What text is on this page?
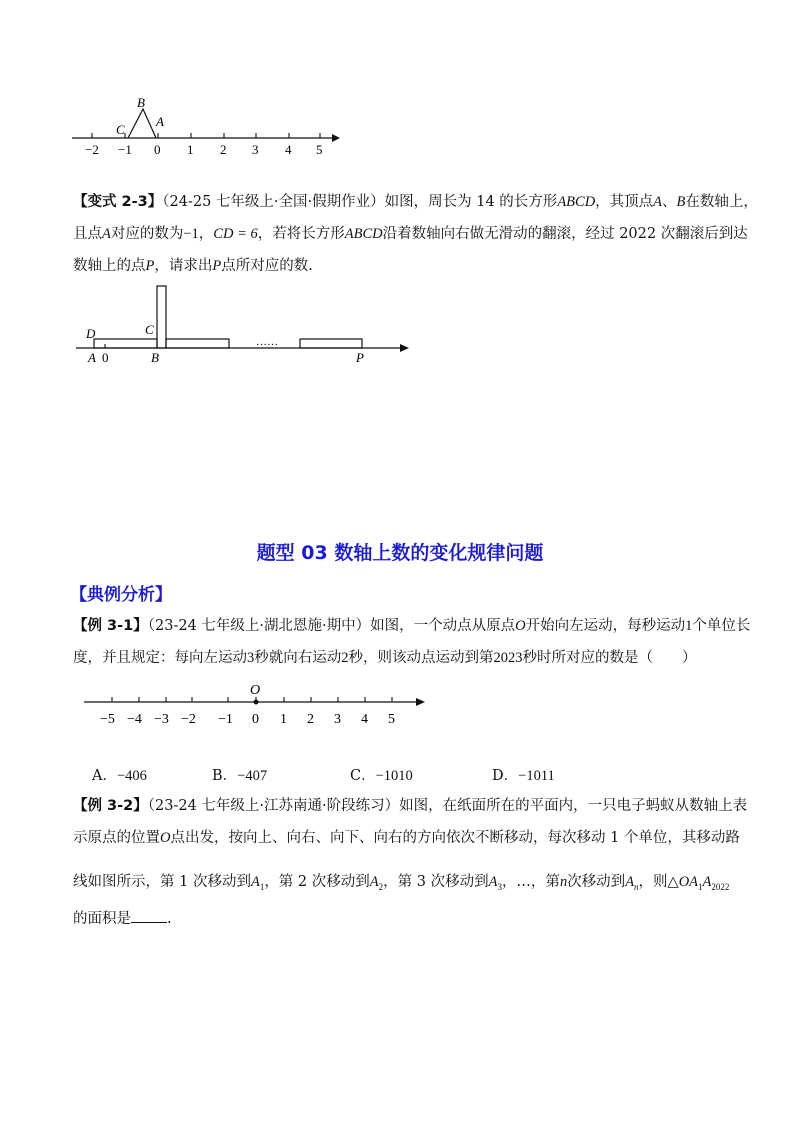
B
C
A
−2 −1 0 1 2 3 4 5

【变式 2-3】（24-25 七年级上·全国·假期作业）如图，周长为 14 的长方形ABCD，其顶点A、B在数轴上，

且点A对应的数为−1，CD = 6，若将长方形ABCD沿着数轴向右做无滑动的翻滚，经过 2022 次翻滚后到达

数轴上的点P，请求出P点所对应的数.

D	C
A 0	B	P
……
题型 03 数轴上数的变化规律问题
【典例分析】

【例 3-1】（23-24 七年级上·湖北恩施·期中）如图，一个动点从原点O开始向左运动，每秒运动1个单位长

度，并且规定：每向左运动3秒就向右运动2秒，则该动点运动到第2023秒时所对应的数是（　　）

O
−5 −4 −3 −2 −1 0 1 2 3 4 5
A．−406	B．−407	C．−1010	D．−1011

【例 3-2】（23-24 七年级上·江苏南通·阶段练习）如图，在纸面所在的平面内，一只电子蚂蚁从数轴上表

示原点的位置O点出发，按向上、向右、向下、向右的方向依次不断移动，每次移动 1 个单位，其移动路

线如图所示，第 1 次移动到$A_1$，第 2 次移动到$A_2$，第 3 次移动到$A_3$，…，第n次移动到$A_n$，则$\triangle OA_1A_{2022}$

的面积是 .
